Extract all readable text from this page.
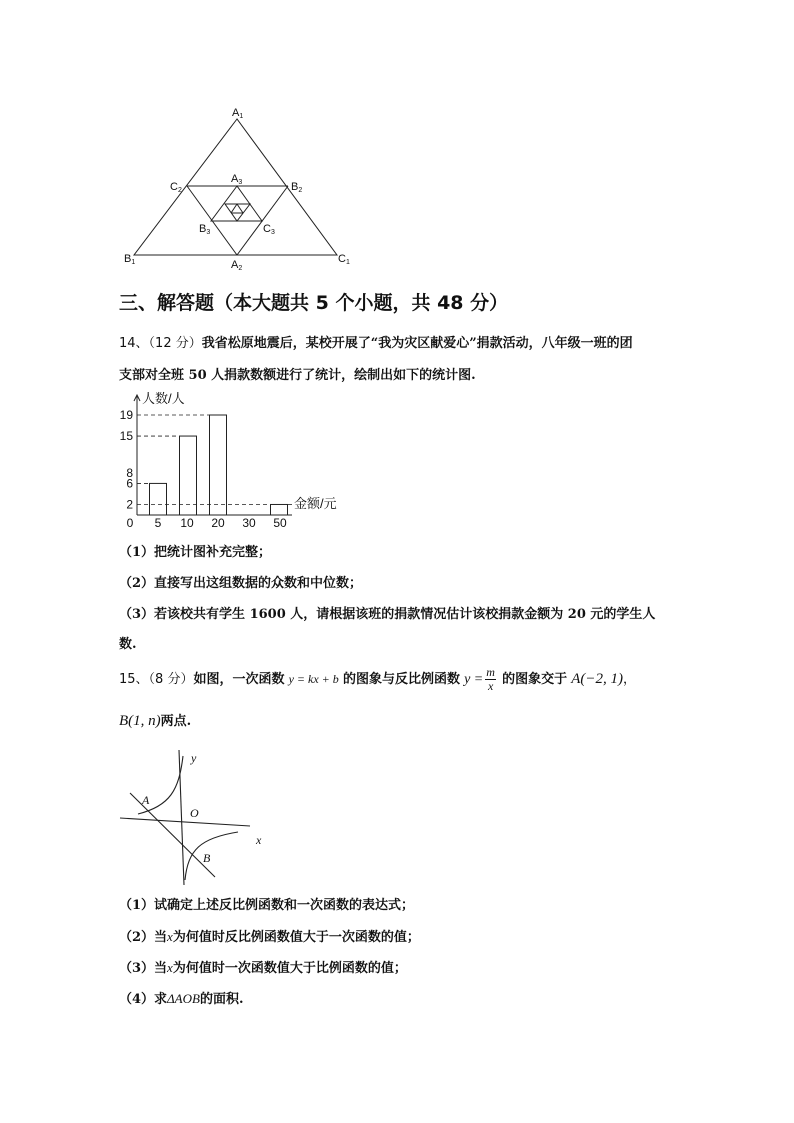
A1
C2	B2
A3
B3	C3
B1	A2
C1
三、解答题（本大题共 5 个小题，共 48 分）
14、（12 分）我省松原地震后，某校开展了“我为灾区献爱心”捐款活动，八年级一班的团
支部对全班 50 人捐款数额进行了统计，绘制出如下的统计图.
2
6
8
15
19
0 5 10 20 30 50
人数/人
金额/元
（1）把统计图补充完整；
（2）直接写出这组数据的众数和中位数；
（3）若该校共有学生 1600 人，请根据该班的捐款情况估计该校捐款金额为 20 元的学生人
数.
15、（8 分）如图，一次函数 y = kx + b 的图象与反比例函数 $y = \frac{m}{x}$ 的图象交于 A(−2, 1)，
B(1, n)两点.
y
O
x
A
B
（1）试确定上述反比例函数和一次函数的表达式；
（2）当x为何值时反比例函数值大于一次函数的值；
（3）当x为何值时一次函数值大于比例函数的值；
（4）求ΔAOB的面积.
